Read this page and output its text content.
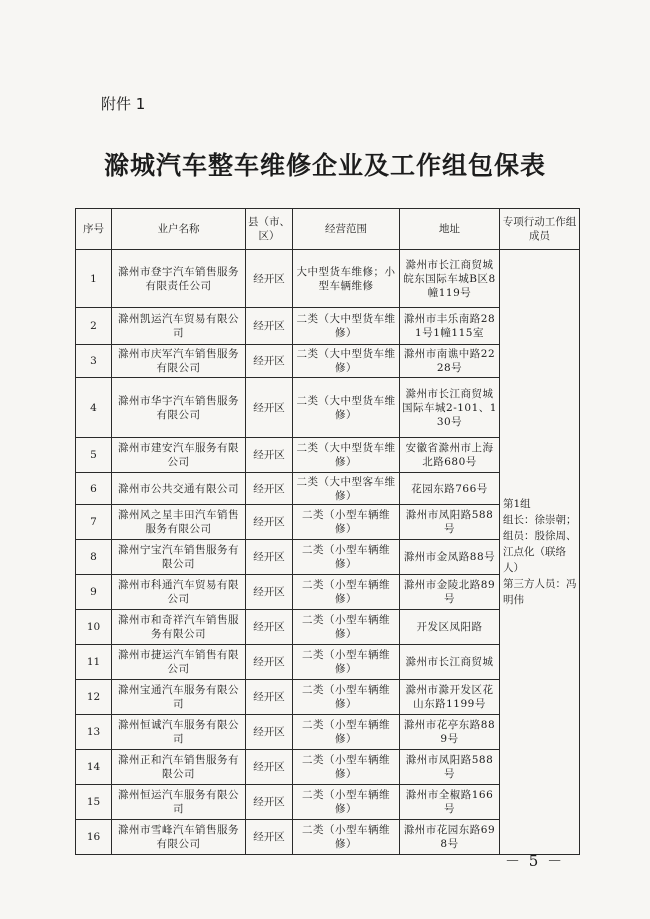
附件 1
滁城汽车整车维修企业及工作组包保表
序号	业户名称	县（市、区）	经营范围	地址	专项行动工作组成员
1	滁州市登宇汽车销售服务有限责任公司	经开区	大中型货车维修；小型车辆维修	滁州市长江商贸城皖东国际车城B区8幢119号	第1组
组长：徐崇朝；
组员：殷徐周、江点化（联络人）
第三方人员：冯明伟
2	滁州凯运汽车贸易有限公司	经开区	二类（大中型货车维修）	滁州市丰乐南路281号1幢115室	
3	滁州市庆军汽车销售服务有限公司	经开区	二类（大中型货车维修）	滁州市南谯中路2228号	
4	滁州市华宇汽车销售服务有限公司	经开区	二类（大中型货车维修）	滁州市长江商贸城国际车城2-101、130号	
5	滁州市建安汽车服务有限公司	经开区	二类（大中型货车维修）	安徽省滁州市上海北路680号	
6	滁州市公共交通有限公司	经开区	二类（大中型客车维修）	花园东路766号	
7	滁州风之星丰田汽车销售服务有限公司	经开区	二类（小型车辆维修）	滁州市凤阳路588号	
8	滁州宁宝汽车销售服务有限公司	经开区	二类（小型车辆维修）	滁州市金凤路88号	
9	滁州市科通汽车贸易有限公司	经开区	二类（小型车辆维修）	滁州市金陵北路89号	
10	滁州市和奇祥汽车销售服务有限公司	经开区	二类（小型车辆维修）	开发区凤阳路	
11	滁州市捷运汽车销售有限公司	经开区	二类（小型车辆维修）	滁州市长江商贸城	
12	滁州宝通汽车服务有限公司	经开区	二类（小型车辆维修）	滁州市滁开发区花山东路1199号	
13	滁州恒诚汽车服务有限公司	经开区	二类（小型车辆维修）	滁州市花亭东路889号	
14	滁州正和汽车销售服务有限公司	经开区	二类（小型车辆维修）	滁州市凤阳路588号	
15	滁州恒运汽车服务有限公司	经开区	二类（小型车辆维修）	滁州市全椒路166号	
16	滁州市雪峰汽车销售服务有限公司	经开区	二类（小型车辆维修）	滁州市花园东路698号	
－ 5 －
